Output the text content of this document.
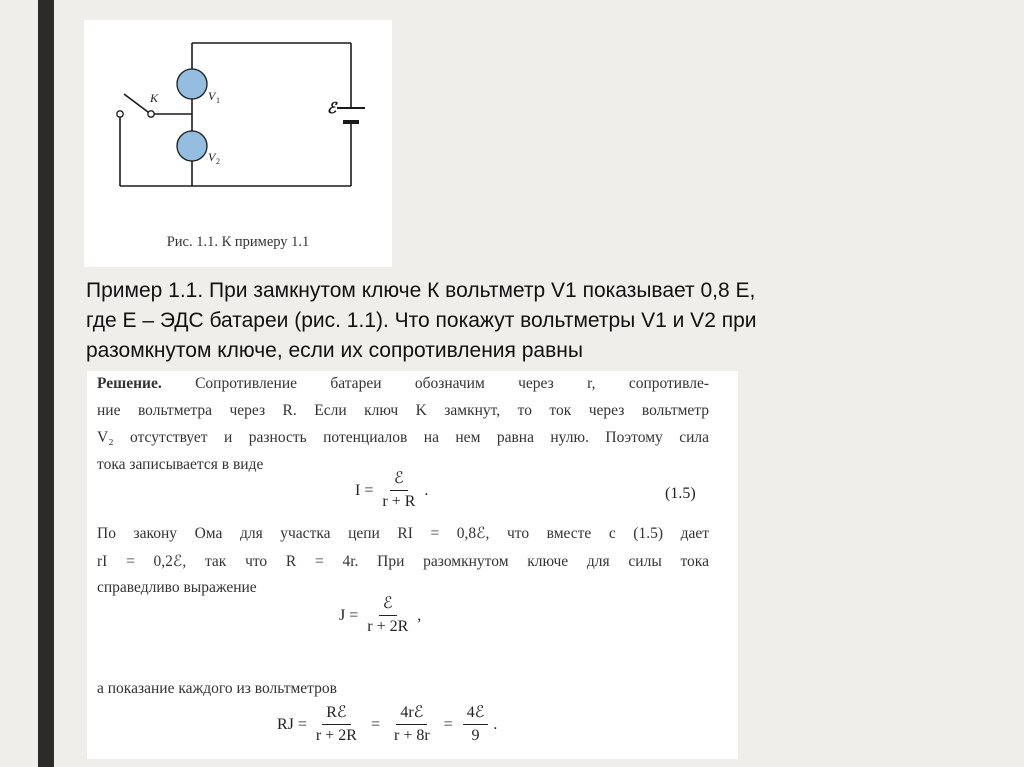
K	V 1
V 2
ℰ
Рис. 1.1. К примеру 1.1

Пример 1.1. При замкнутом ключе К вольтметр V1 показывает 0,8 Е,

где Е – ЭДС батареи (рис. 1.1). Что покажут вольтметры V1 и V2 при

разомкнутом ключе, если их сопротивления равны

Решение. Сопротивление батареи обозначим через r, сопротивле-
ние вольтметра через R. Если ключ K замкнут, то ток через вольтметр
V₂ отсутствует и разность потенциалов на нем равна нулю. Поэтому сила
тока записывается в виде
$I = \frac{\text{ℰ}}{r + R}$ .	(1.5)
По закону Ома для участка цепи RI = 0,8ℰ, что вместе с (1.5) дает
rI = 0,2ℰ, так что R = 4r. При разомкнутом ключе для силы тока
справедливо выражение
$J = \frac{\text{ℰ}}{r + 2R}$ ,
а показание каждого из вольтметров
RJ = $\frac{\text{Rℰ}}{r + 2R} = \frac{\text{4rℰ}}{r + 8r} = \frac{\text{4ℰ}}{9}$ .
